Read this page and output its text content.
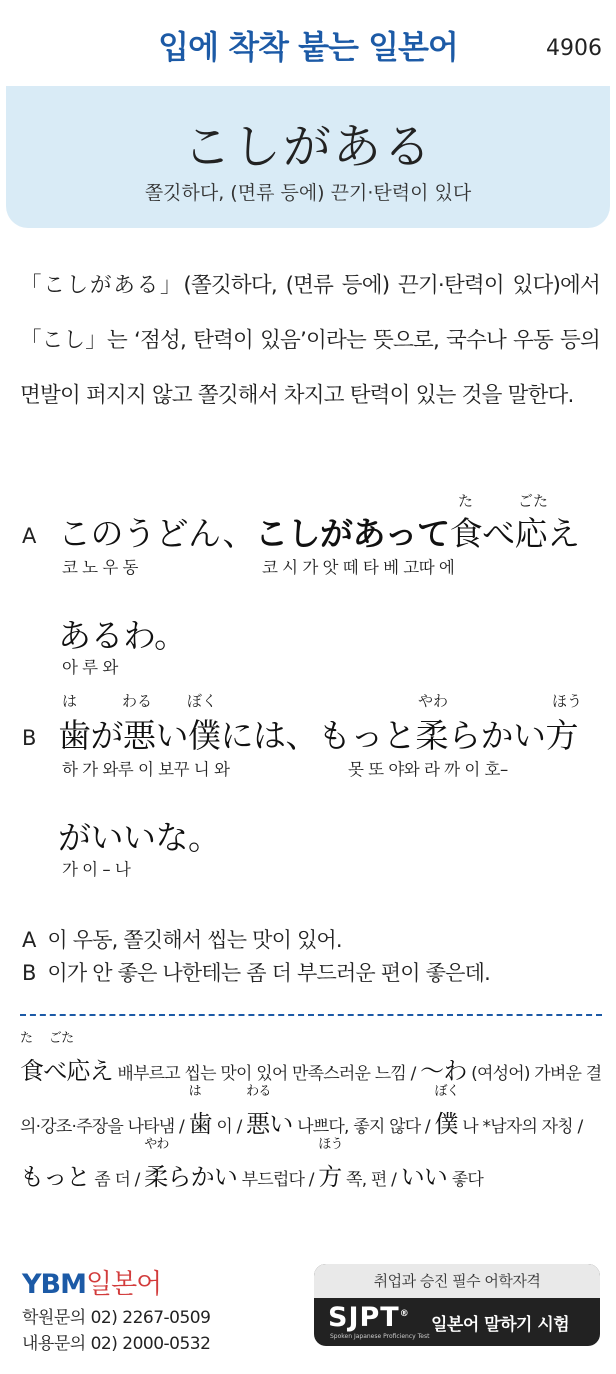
입에 착착 붙는 일본어	4906
こしがある
쫄깃하다, (면류 등에) 끈기·탄력이 있다
「こしがある」(쫄깃하다, (면류 등에) 끈기·탄력이 있다)에서 「こし」는 ‘점성, 탄력이 있음’이라는 뜻으로, 국수나 우동 등의 면발이 퍼지지 않고 쫄깃해서 차지고 탄력이 있는 것을 말한다.
A
た	ごた
このうどん、こしがあって食べ応え
코 노 우 동	코 시 가 앗 떼 타 베 고따 에
あるわ。
아 루 와
B
は	わる ぼく	やわ	ほう
歯が悪い僕には、もっと柔らかい方
하 가 와루 이 보꾸 니 와	못 또 야와 라 까 이 호–
がいいな。
가 이 – 나
A 이 우동, 쫄깃해서 씹는 맛이 있어.
B 이가 안 좋은 나한테는 좀 더 부드러운 편이 좋은데.
た ごた
食べ応え 배부르고 씹는 맛이 있어 만족스러운 느낌 / 〜わ (여성어) 가벼운 결의·강조·주장을 나타냄 /
は
歯 이 /
わる
悪い 나쁘다, 좋지 않다 /
ぼく
僕 나 *남자의 자칭 / もっと 좀 더 /
やわ
柔らかい 부드럽다 /
ほう
方 쪽, 편 / いい 좋다
YBM일본어
학원문의 02) 2267-0509
내용문의 02) 2000-0532
취업과 승진 필수 어학자격
SJPT®
Spoken Japanese Proficiency Test
일본어 말하기 시험
